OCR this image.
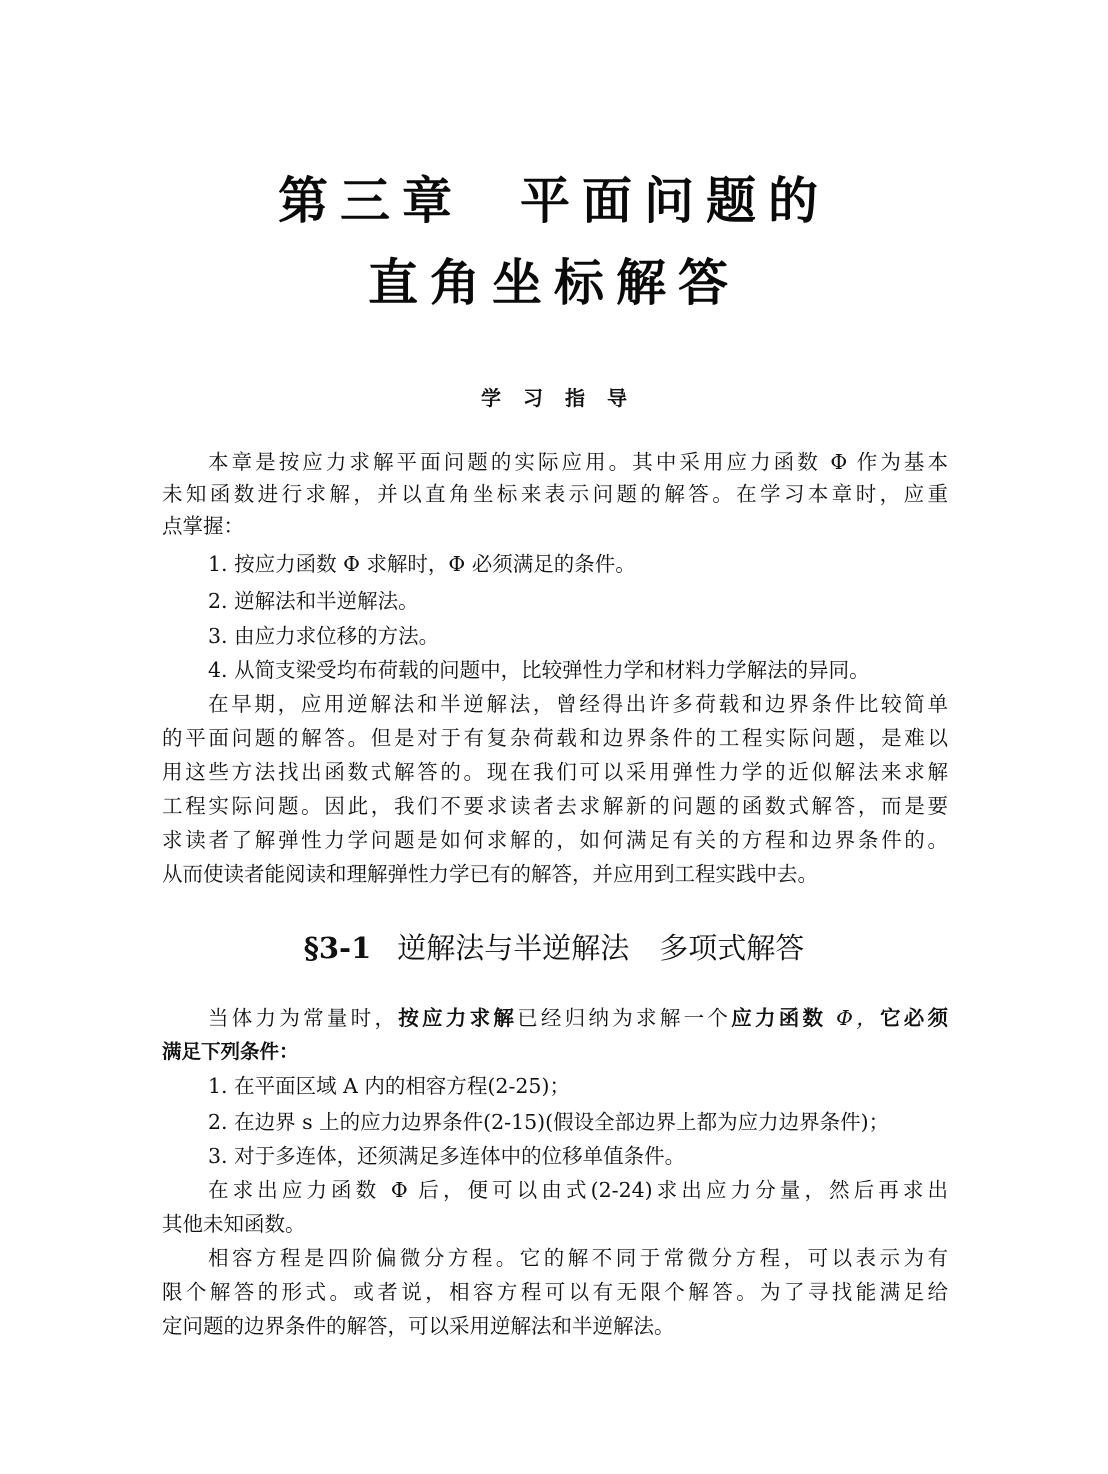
第三章 平面问题的
直角坐标解答
学习指导
本章是按应力求解平面问题的实际应用。其中采用应力函数 Φ 作为基本
未知函数进行求解，并以直角坐标来表示问题的解答。在学习本章时，应重
点掌握：
1. 按应力函数 Φ 求解时，Φ 必须满足的条件。
2. 逆解法和半逆解法。
3. 由应力求位移的方法。
4. 从简支梁受均布荷载的问题中，比较弹性力学和材料力学解法的异同。
在早期，应用逆解法和半逆解法，曾经得出许多荷载和边界条件比较简单
的平面问题的解答。但是对于有复杂荷载和边界条件的工程实际问题，是难以
用这些方法找出函数式解答的。现在我们可以采用弹性力学的近似解法来求解
工程实际问题。因此，我们不要求读者去求解新的问题的函数式解答，而是要
求读者了解弹性力学问题是如何求解的，如何满足有关的方程和边界条件的。
从而使读者能阅读和理解弹性力学已有的解答，并应用到工程实践中去。
§3-1 逆解法与半逆解法 多项式解答
当体力为常量时，按应力求解已经归纳为求解一个应力函数 Φ，它必须
满足下列条件：
1. 在平面区域 A 内的相容方程(2-25)；
2. 在边界 s 上的应力边界条件(2-15)(假设全部边界上都为应力边界条件)；
3. 对于多连体，还须满足多连体中的位移单值条件。
在求出应力函数 Φ 后，便可以由式(2-24)求出应力分量，然后再求出
其他未知函数。
相容方程是四阶偏微分方程。它的解不同于常微分方程，可以表示为有
限个解答的形式。或者说，相容方程可以有无限个解答。为了寻找能满足给
定问题的边界条件的解答，可以采用逆解法和半逆解法。
